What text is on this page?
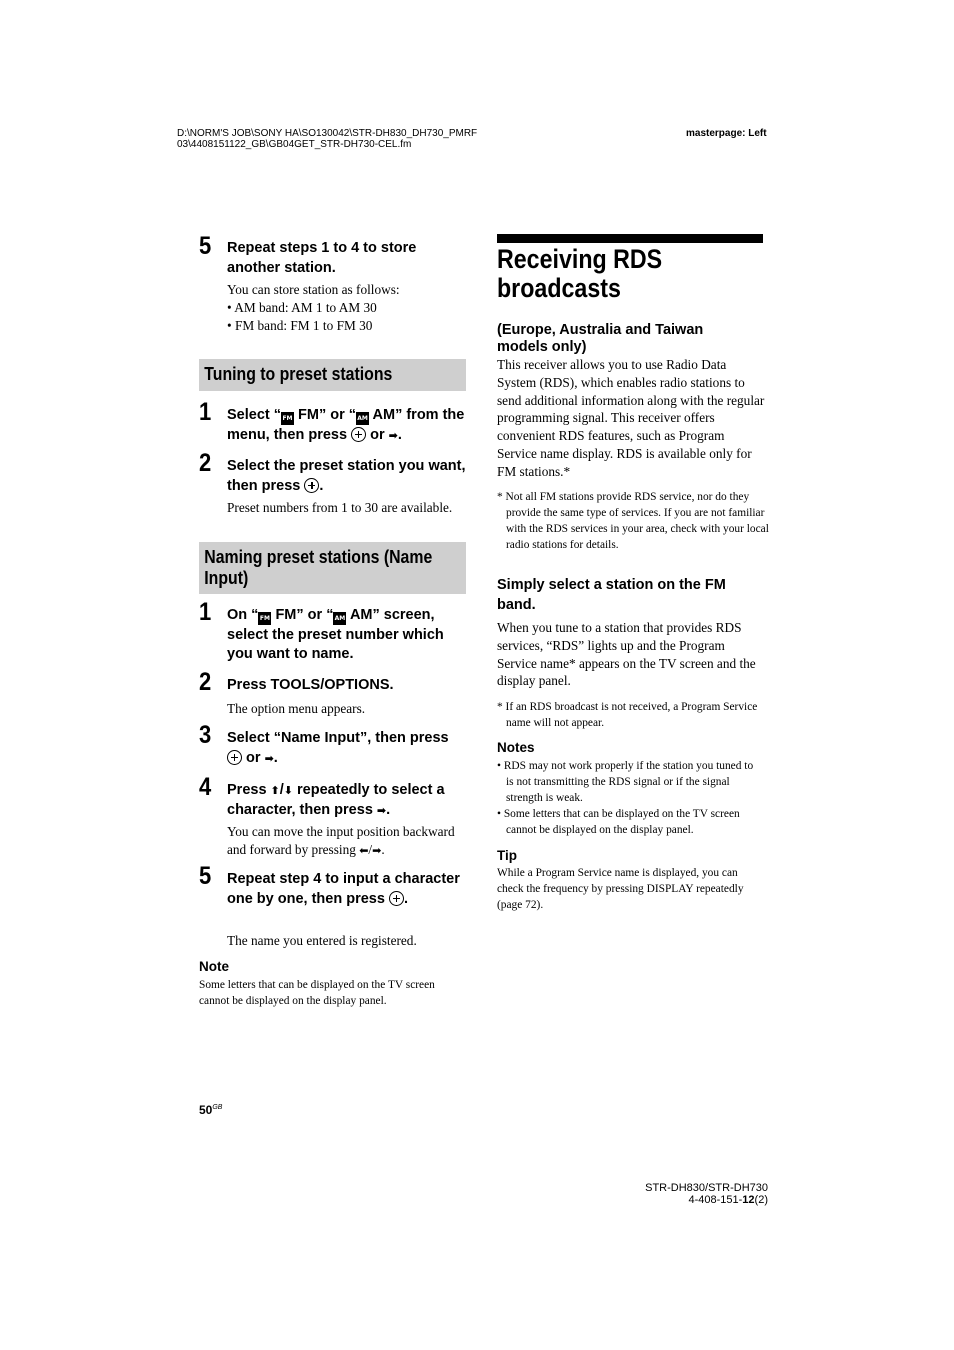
D:\NORM'S JOB\SONY HA\SO130042\STR-DH830_DH730_PMRF
03\4408151122_GB\GB04GET_STR-DH730-CEL.fm
masterpage: Left
5 Repeat steps 1 to 4 to store another station.

You can store station as follows:

• AM band: AM 1 to AM 30

• FM band: FM 1 to FM 30

Tuning to preset stations
1 Select “FM FM” or “AM AM” from the menu, then press  or ➡.

2 Select the preset station you want, then press .

Preset numbers from 1 to 30 are available.

Naming preset stations (Name Input)
1 On “FM FM” or “AM AM” screen, select the preset number which you want to name.

2 Press TOOLS/OPTIONS.

The option menu appears.

3 Select “Name Input”, then press  or ➡.

4 Press ⬆/⬇ repeatedly to select a character, then press ➡.

You can move the input position backward and forward by pressing ⬅/➡.

5 Repeat step 4 to input a character one by one, then press .

The name you entered is registered.

Note

Some letters that can be displayed on the TV screen cannot be displayed on the display panel.

Receiving RDS
broadcasts

(Europe, Australia and Taiwan models only)

This receiver allows you to use Radio Data System (RDS), which enables radio stations to send additional information along with the regular programming signal. This receiver offers convenient RDS features, such as Program Service name display. RDS is available only for FM stations.*

* Not all FM stations provide RDS service, nor do they provide the same type of services. If you are not familiar with the RDS services in your area, check with your local radio stations for details.

Simply select a station on the FM band.

When you tune to a station that provides RDS services, “RDS” lights up and the Program Service name* appears on the TV screen and the display panel.

* If an RDS broadcast is not received, a Program Service name will not appear.

Notes

• RDS may not work properly if the station you tuned to is not transmitting the RDS signal or if the signal strength is weak.
• Some letters that can be displayed on the TV screen cannot be displayed on the display panel.

Tip

While a Program Service name is displayed, you can check the frequency by pressing DISPLAY repeatedly (page 72).

$50^{GB}$
STR-DH830/STR-DH730
4-408-151-12(2)
